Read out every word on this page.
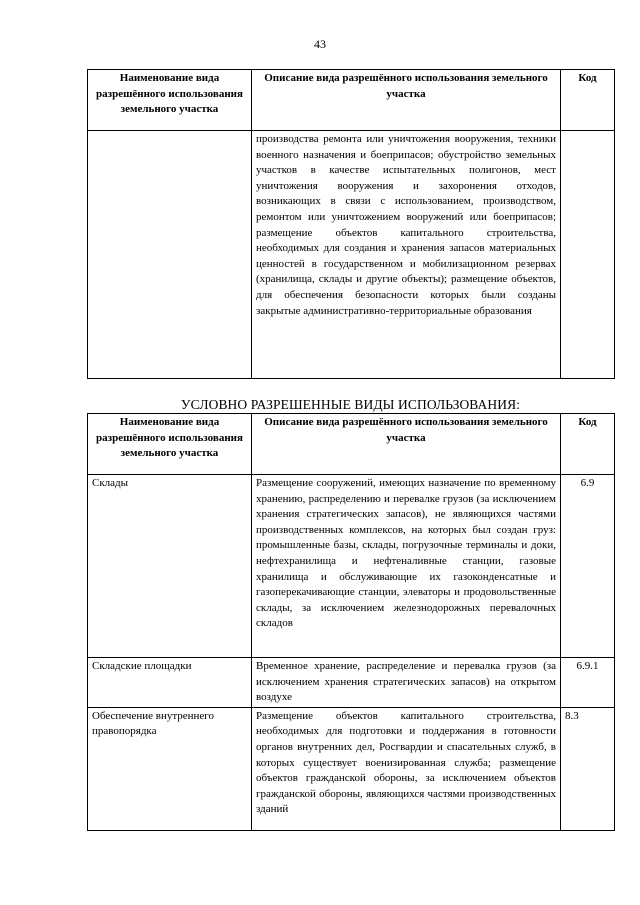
43
Наименование вида разрешённого использования земельного участка	Описание вида разрешённого использования земельного участка	Код
	производства ремонта или уничтожения вооружения, техники военного назначения и боеприпасов; обустройство земельных участков в качестве испытательных полигонов, мест уничтожения вооружения и захоронения отходов, возникающих в связи с использованием, производством, ремонтом или уничтожением вооружений или боеприпасов; размещение объектов капитального строительства, необходимых для создания и хранения запасов материальных ценностей в государственном и мобилизационном резервах (хранилища, склады и другие объекты); размещение объектов, для обеспечения безопасности которых были созданы закрытые административно-территориальные образования	
УСЛОВНО РАЗРЕШЕННЫЕ ВИДЫ ИСПОЛЬЗОВАНИЯ:
Наименование вида разрешённого использования земельного участка	Описание вида разрешённого использования земельного участка	Код
Склады	Размещение сооружений, имеющих назначение по временному хранению, распределению и перевалке грузов (за исключением хранения стратегических запасов), не являющихся частями производственных комплексов, на которых был создан груз: промышленные базы, склады, погрузочные терминалы и доки, нефтехранилища и нефтеналивные станции, газовые хранилища и обслуживающие их газоконденсатные и газоперекачивающие станции, элеваторы и продовольственные склады, за исключением железнодорожных перевалочных складов	6.9
Складские площадки	Временное хранение, распределение и перевалка грузов (за исключением хранения стратегических запасов) на открытом воздухе	6.9.1
Обеспечение внутреннего правопорядка	Размещение объектов капитального строительства, необходимых для подготовки и поддержания в готовности органов внутренних дел, Росгвардии и спасательных служб, в которых существует военизированная служба; размещение объектов гражданской обороны, за исключением объектов гражданской обороны, являющихся частями производственных зданий	8.3
